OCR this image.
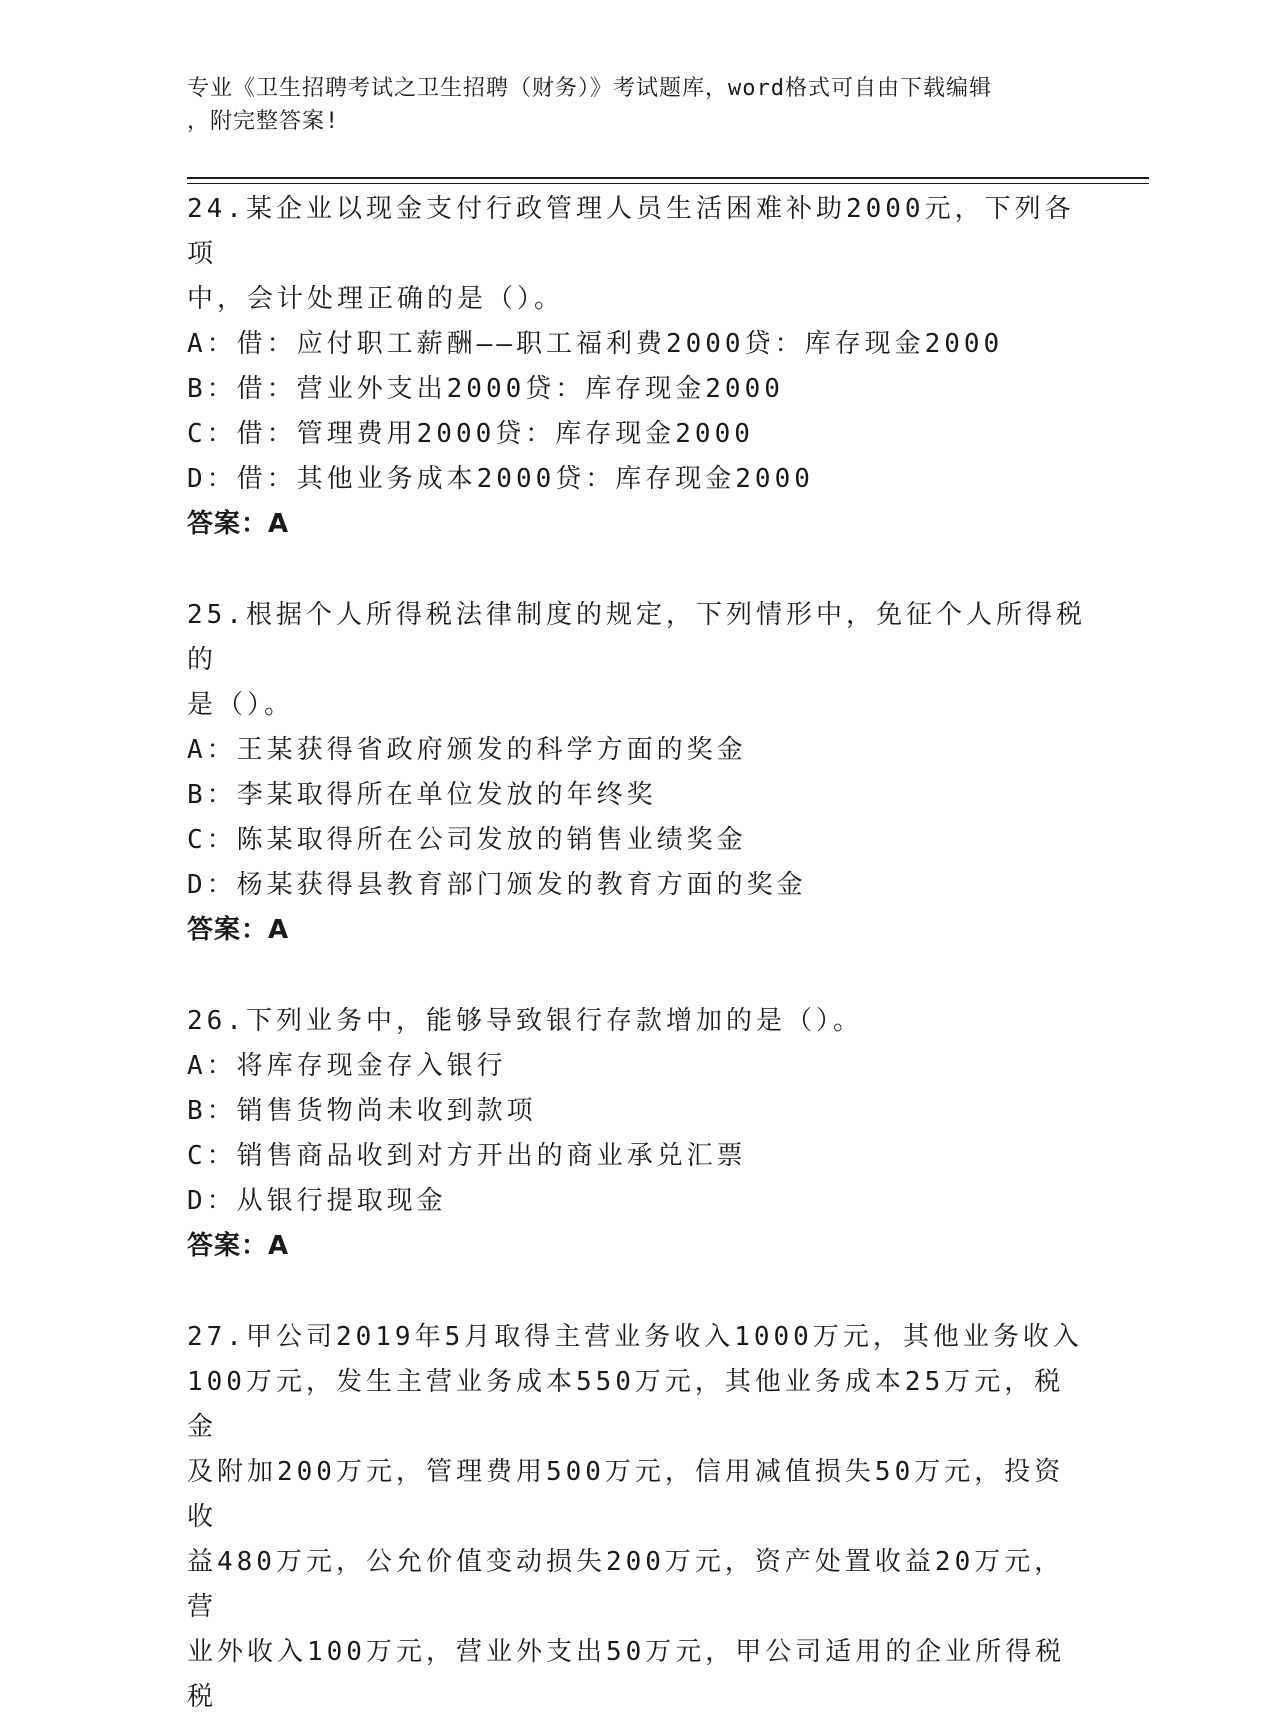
专业《卫生招聘考试之卫生招聘（财务）》考试题库，word格式可自由下载编辑
，附完整答案!

24.某企业以现金支付行政管理人员生活困难补助2000元，下列各项

中，会计处理正确的是（）。

A：借：应付职工薪酬——职工福利费2000贷：库存现金2000

B：借：营业外支出2000贷：库存现金2000

C：借：管理费用2000贷：库存现金2000

D：借：其他业务成本2000贷：库存现金2000

答案：A

25.根据个人所得税法律制度的规定，下列情形中，免征个人所得税的

是（）。

A：王某获得省政府颁发的科学方面的奖金

B：李某取得所在单位发放的年终奖

C：陈某取得所在公司发放的销售业绩奖金

D：杨某获得县教育部门颁发的教育方面的奖金

答案：A

26.下列业务中，能够导致银行存款增加的是（）。

A：将库存现金存入银行

B：销售货物尚未收到款项

C：销售商品收到对方开出的商业承兑汇票

D：从银行提取现金

答案：A

27.甲公司2019年5月取得主营业务收入1000万元，其他业务收入

100万元，发生主营业务成本550万元，其他业务成本25万元，税金

及附加200万元，管理费用500万元，信用减值损失50万元，投资收

益480万元，公允价值变动损失200万元，资产处置收益20万元，营

业外收入100万元，营业外支出50万元，甲公司适用的企业所得税税
